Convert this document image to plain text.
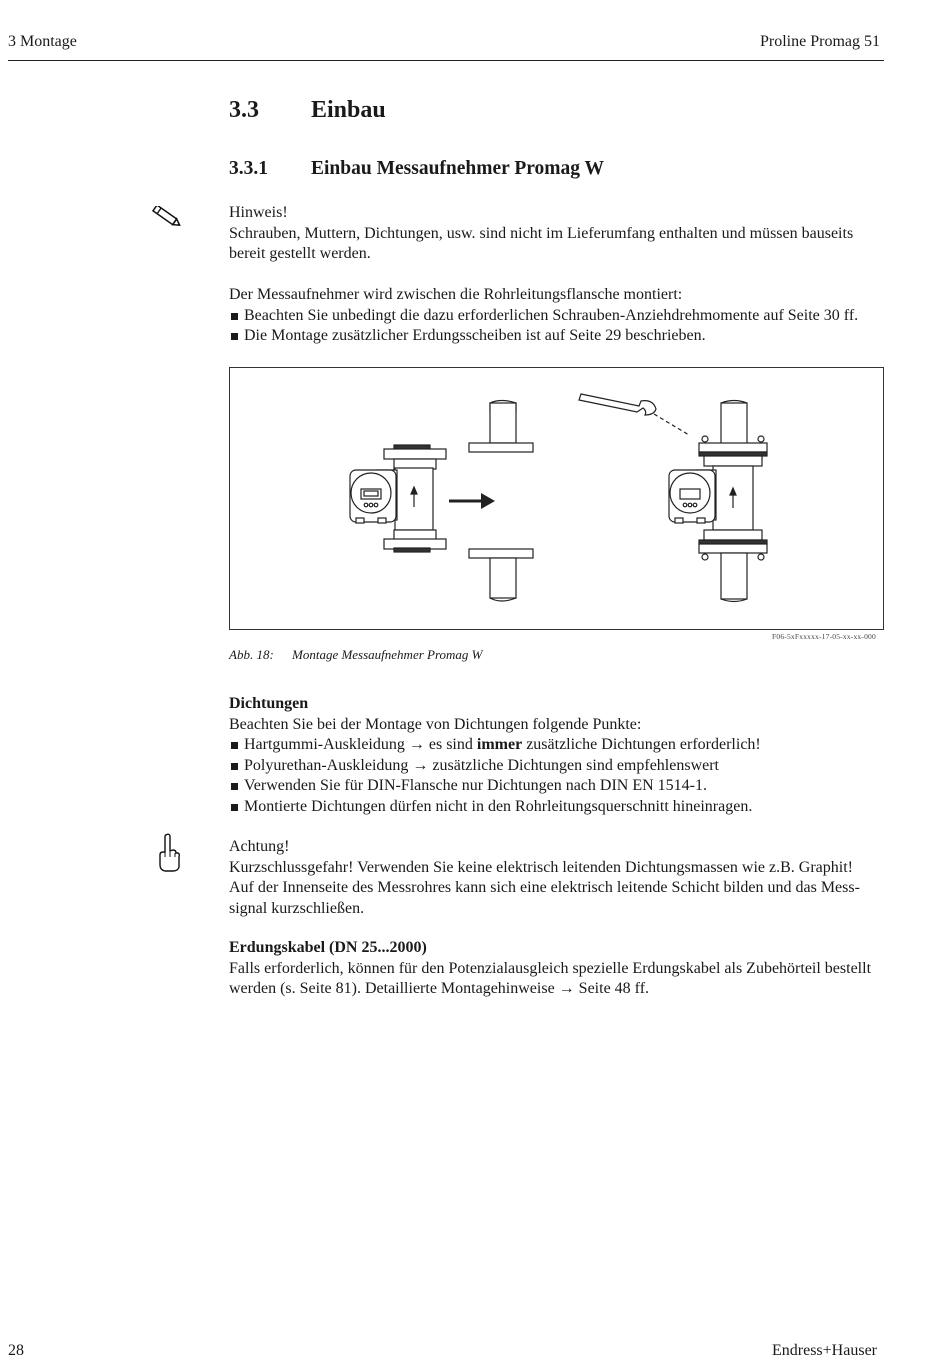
3 Montage	Proline Promag 51
3.3 Einbau
3.3.1 Einbau Messaufnehmer Promag W
Hinweis!
Schrauben, Muttern, Dichtungen, usw. sind nicht im Lieferumfang enthalten und müssen bauseits
bereit gestellt werden.
Der Messaufnehmer wird zwischen die Rohrleitungsflansche montiert:
Beachten Sie unbedingt die dazu erforderlichen Schrauben-Anziehdrehmomente auf Seite 30 ff.
Die Montage zusätzlicher Erdungsscheiben ist auf Seite 29 beschrieben.
F06-5xFxxxxx-17-05-xx-xx-000
Abb. 18: Montage Messaufnehmer Promag W
Dichtungen
Beachten Sie bei der Montage von Dichtungen folgende Punkte:
Hartgummi-Auskleidung → es sind immer zusätzliche Dichtungen erforderlich!
Polyurethan-Auskleidung → zusätzliche Dichtungen sind empfehlenswert
Verwenden Sie für DIN-Flansche nur Dichtungen nach DIN EN 1514-1.
Montierte Dichtungen dürfen nicht in den Rohrleitungsquerschnitt hineinragen.
Achtung!
Kurzschlussgefahr! Verwenden Sie keine elektrisch leitenden Dichtungsmassen wie z.B. Graphit!
Auf der Innenseite des Messrohres kann sich eine elektrisch leitende Schicht bilden und das Mess-
signal kurzschließen.
Erdungskabel (DN 25...2000)
Falls erforderlich, können für den Potenzialausgleich spezielle Erdungskabel als Zubehörteil bestellt
werden (s. Seite 81). Detaillierte Montagehinweise → Seite 48 ff.
28	Endress+Hauser
